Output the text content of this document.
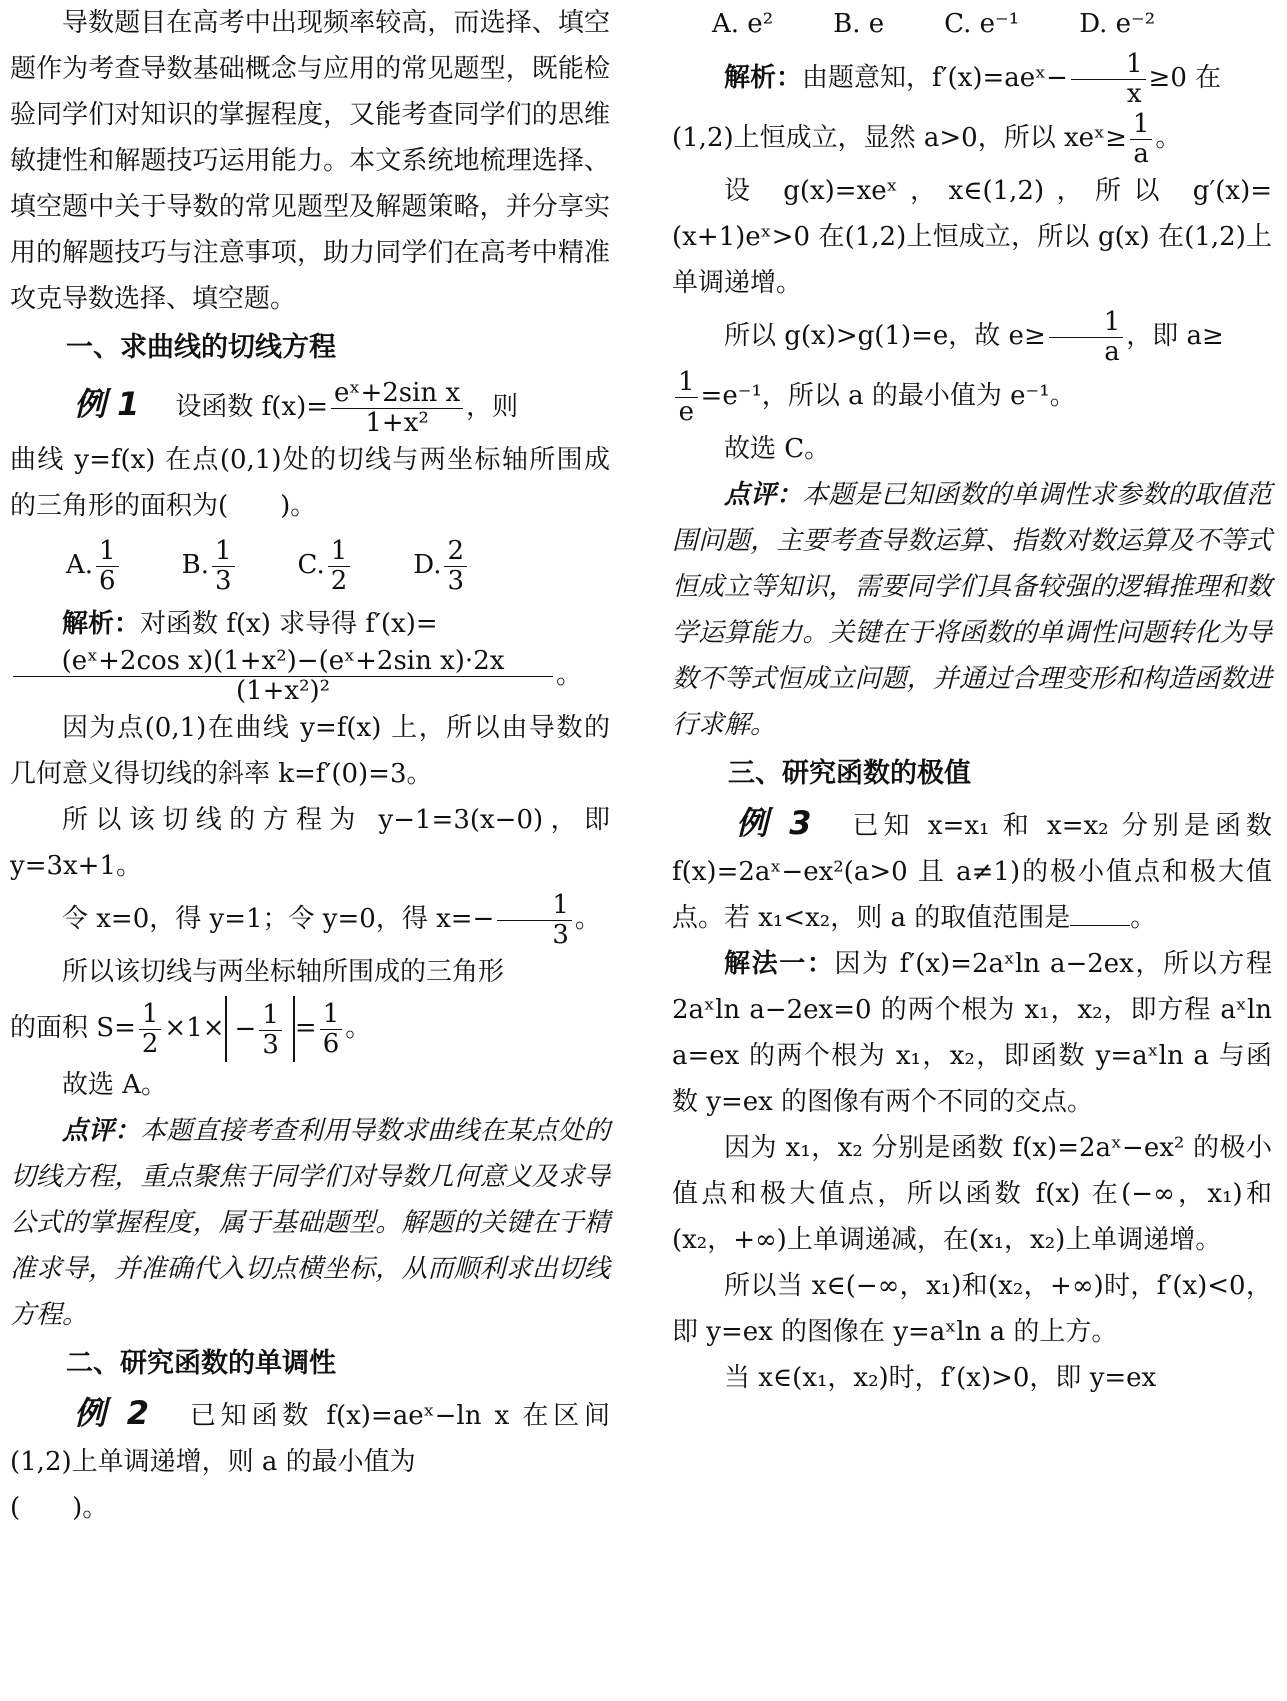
导数题目在高考中出现频率较高，而选择、填空题作为考查导数基础概念与应用的常见题型，既能检验同学们对知识的掌握程度，又能考查同学们的思维敏捷性和解题技巧运用能力。本文系统地梳理选择、填空题中关于导数的常见题型及解题策略，并分享实用的解题技巧与注意事项，助力同学们在高考中精准攻克导数选择、填空题。

一、求曲线的切线方程

例 1 设函数 $f(x)= \frac{\text{eˣ+2sin x}}{\text{1+x²}}$ ，则

曲线 y=f(x) 在点(0,1)处的切线与两坐标轴所围成的三角形的面积为(　　)。

A. $\frac{1}{6} B$. $\frac{1}{3} C$. $\frac{1}{2} D$. $\frac{2}{3}$

解析：对函数 f(x) 求导得 f′(x)=

$\frac{\text{(eˣ+2cos x)(1+x²)−(eˣ+2sin x)·2x}}{\text{(1+x²)²}}$ 。

因为点(0,1)在曲线 y=f(x) 上，所以由导数的几何意义得切线的斜率 k=f′(0)=3。

所以该切线的方程为 y−1=3(x−0)，即 y=3x+1。

令 x=0，得 y=1；令 y=0，得 $x=- \frac{1}{3}$ 。

所以该切线与两坐标轴所围成的三角形

的面积 $S= \frac{1}{2} \times 1\times - \frac{1}{3} = \frac{1}{6}$ 。

故选 A。

点评：本题直接考查利用导数求曲线在某点处的切线方程，重点聚焦于同学们对导数几何意义及求导公式的掌握程度，属于基础题型。解题的关键在于精准求导，并准确代入切点横坐标，从而顺利求出切线方程。

二、研究函数的单调性

例 2 已知函数 f(x)=aeˣ−ln x 在区间(1,2)上单调递增，则 a 的最小值为

(　　)。

A. e² B. e C. e⁻¹ D. e⁻²

解析：由题意知，f′(x)=aeˣ− $\frac{1}{x} \ge 0$ 在

(1,2)上恒成立，显然 a>0，所以 xeˣ≥ $\frac{1}{a}$ 。

设 g(x)=xeˣ，x∈(1,2)，所以 g′(x)=(x+1)eˣ>0 在(1,2)上恒成立，所以 g(x) 在(1,2)上单调递增。

所以 g(x)>g(1)=e，故 $e\ge \frac{1}{a}$ ，即 a≥

$\frac{1}{e} =e^{-1}$，所以 a 的最小值为 e⁻¹。

故选 C。

点评：本题是已知函数的单调性求参数的取值范围问题，主要考查导数运算、指数对数运算及不等式恒成立等知识，需要同学们具备较强的逻辑推理和数学运算能力。关键在于将函数的单调性问题转化为导数不等式恒成立问题，并通过合理变形和构造函数进行求解。

三、研究函数的极值

例 3 已知 x=x₁ 和 x=x₂ 分别是函数 f(x)=2aˣ−ex²(a>0 且 a≠1)的极小值点和极大值点。若 x₁<x₂，则 a 的取值范围是 。

解法一：因为 f′(x)=2aˣln a−2ex，所以方程 2aˣln a−2ex=0 的两个根为 x₁，x₂，即方程 aˣln a=ex 的两个根为 x₁，x₂，即函数 y=aˣln a 与函数 y=ex 的图像有两个不同的交点。

因为 x₁，x₂ 分别是函数 f(x)=2aˣ−ex² 的极小值点和极大值点，所以函数 f(x) 在(−∞，x₁)和(x₂，+∞)上单调递减，在(x₁，x₂)上单调递增。

所以当 x∈(−∞，x₁)和(x₂，+∞)时，f′(x)<0，即 y=ex 的图像在 y=aˣln a 的上方。

当 x∈(x₁，x₂)时，f′(x)>0，即 y=ex
